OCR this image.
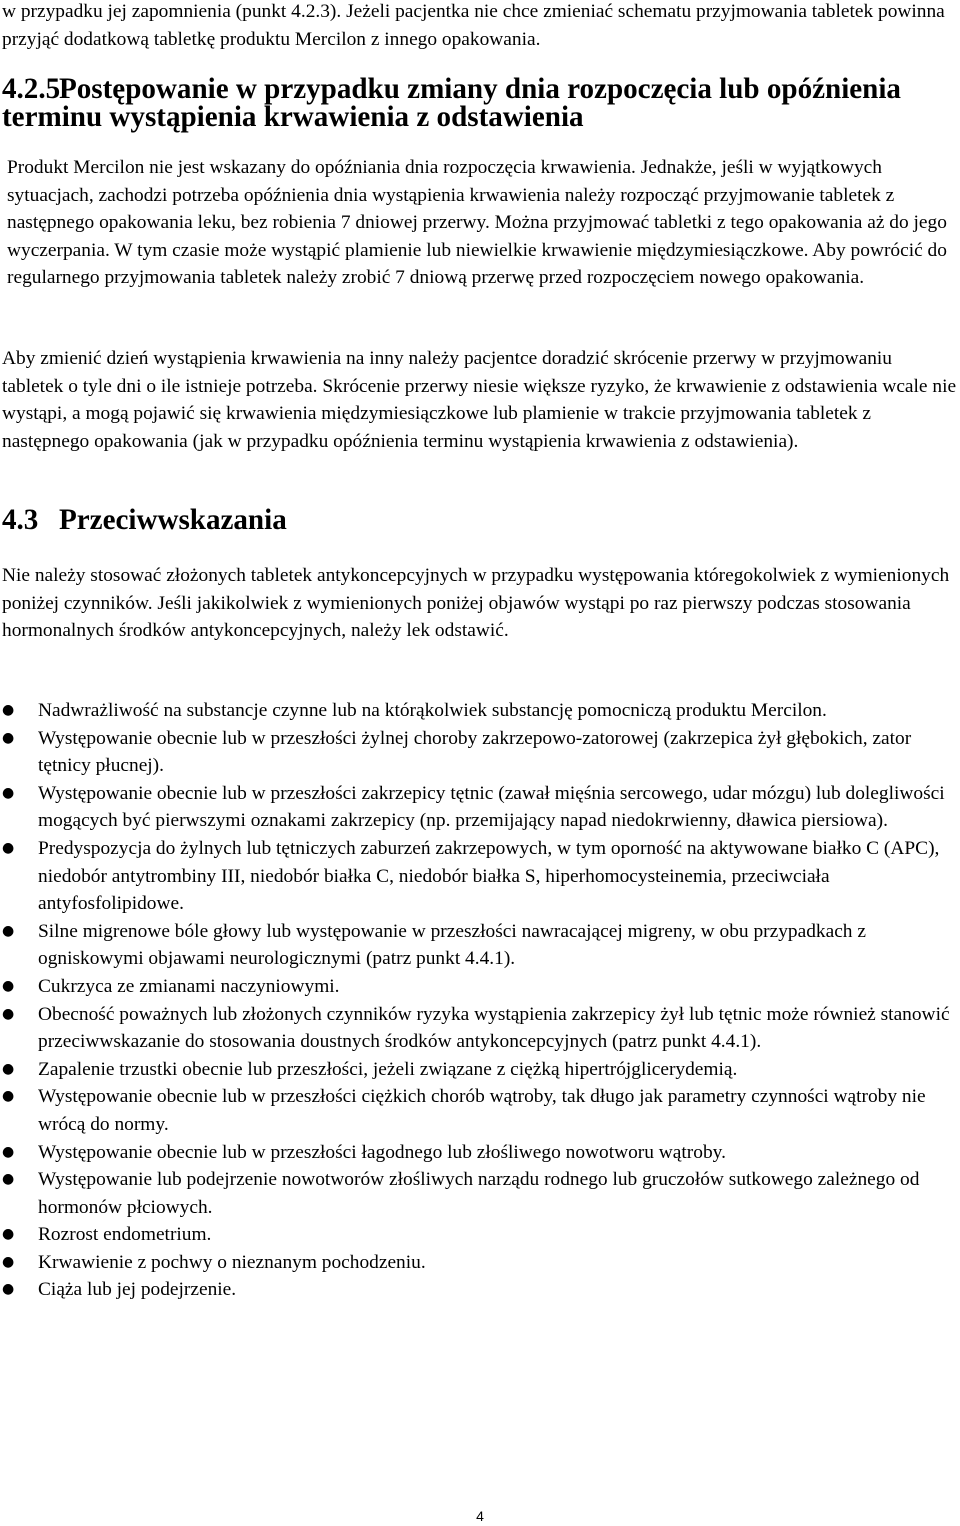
w przypadku jej zapomnienia (punkt 4.2.3). Jeżeli pacjentka nie chce zmieniać schematu przyjmowania tabletek powinna przyjąć dodatkową tabletkę produktu Mercilon z innego opakowania.

4.2.5Postępowanie w przypadku zmiany dnia rozpoczęcia lub opóźnienia terminu wystąpienia krwawienia z odstawienia

Produkt Mercilon nie jest wskazany do opóźniania dnia rozpoczęcia krwawienia. Jednakże, jeśli w wyjątkowych sytuacjach, zachodzi potrzeba opóźnienia dnia wystąpienia krwawienia należy rozpocząć przyjmowanie tabletek z następnego opakowania leku, bez robienia 7 dniowej przerwy. Można przyjmować tabletki z tego opakowania aż do jego wyczerpania. W tym czasie może wystąpić plamienie lub niewielkie krwawienie międzymiesiączkowe. Aby powrócić do regularnego przyjmowania tabletek należy zrobić 7 dniową przerwę przed rozpoczęciem nowego opakowania.

Aby zmienić dzień wystąpienia krwawienia na inny należy pacjentce doradzić skrócenie przerwy w przyjmowaniu tabletek o tyle dni o ile istnieje potrzeba. Skrócenie przerwy niesie większe ryzyko, że krwawienie z odstawienia wcale nie wystąpi, a mogą pojawić się krwawienia międzymiesiączkowe lub plamienie w trakcie przyjmowania tabletek z następnego opakowania (jak w przypadku opóźnienia terminu wystąpienia krwawienia z odstawienia).

4.3 Przeciwwskazania

Nie należy stosować złożonych tabletek antykoncepcyjnych w przypadku występowania któregokolwiek z wymienionych poniżej czynników. Jeśli jakikolwiek z wymienionych poniżej objawów wystąpi po raz pierwszy podczas stosowania hormonalnych środków antykoncepcyjnych, należy lek odstawić.

● Nadwrażliwość na substancje czynne lub na którąkolwiek substancję pomocniczą produktu Mercilon.
● Występowanie obecnie lub w przeszłości żylnej choroby zakrzepowo-zatorowej (zakrzepica żył głębokich, zator tętnicy płucnej).
● Występowanie obecnie lub w przeszłości zakrzepicy tętnic (zawał mięśnia sercowego, udar mózgu) lub dolegliwości mogących być pierwszymi oznakami zakrzepicy (np. przemijający napad niedokrwienny, dławica piersiowa).
● Predyspozycja do żylnych lub tętniczych zaburzeń zakrzepowych, w tym oporność na aktywowane białko C (APC), niedobór antytrombiny III, niedobór białka C, niedobór białka S, hiperhomocysteinemia, przeciwciała antyfosfolipidowe.
● Silne migrenowe bóle głowy lub występowanie w przeszłości nawracającej migreny, w obu przypadkach z ogniskowymi objawami neurologicznymi (patrz punkt 4.4.1).
● Cukrzyca ze zmianami naczyniowymi.
● Obecność poważnych lub złożonych czynników ryzyka wystąpienia zakrzepicy żył lub tętnic może również stanowić przeciwwskazanie do stosowania doustnych środków antykoncepcyjnych (patrz punkt 4.4.1).
● Zapalenie trzustki obecnie lub przeszłości, jeżeli związane z ciężką hipertrójglicerydemią.
● Występowanie obecnie lub w przeszłości ciężkich chorób wątroby, tak długo jak parametry czynności wątroby nie wrócą do normy.
● Występowanie obecnie lub w przeszłości łagodnego lub złośliwego nowotworu wątroby.
● Występowanie lub podejrzenie nowotworów złośliwych narządu rodnego lub gruczołów sutkowego zależnego od hormonów płciowych.
● Rozrost endometrium.
● Krwawienie z pochwy o nieznanym pochodzeniu.
● Ciąża lub jej podejrzenie.
4
